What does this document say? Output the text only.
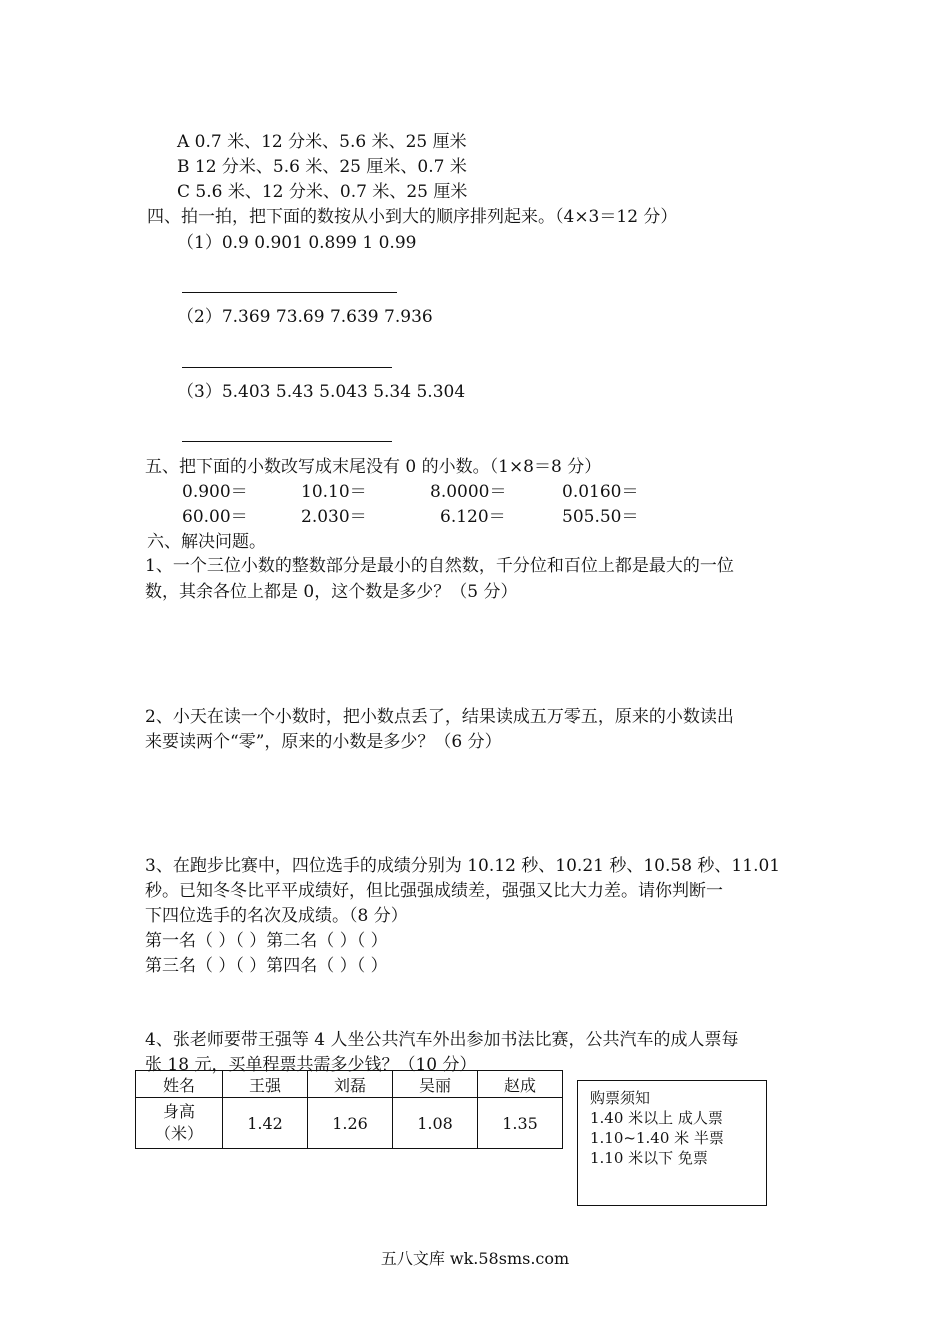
A 0.7 米、12 分米、5.6 米、25 厘米
B 12 分米、5.6 米、25 厘米、0.7 米
C 5.6 米、12 分米、0.7 米、25 厘米
四、拍一拍，把下面的数按从小到大的顺序排列起来。（4×3＝12 分）
（1）0.9 0.901 0.899 1 0.99
（2）7.369 73.69 7.639 7.936
（3）5.403 5.43 5.043 5.34 5.304
五、把下面的小数改写成末尾没有 0 的小数。（1×8＝8 分）
0.900＝	10.10＝	8.0000＝	0.0160＝
60.00＝	2.030＝	6.120＝	505.50＝
六、解决问题。
1、一个三位小数的整数部分是最小的自然数，千分位和百位上都是最大的一位
数，其余各位上都是 0，这个数是多少？（5 分）
2、小天在读一个小数时，把小数点丢了，结果读成五万零五，原来的小数读出
来要读两个“零”，原来的小数是多少？（6 分）
3、在跑步比赛中，四位选手的成绩分别为 10.12 秒、10.21 秒、10.58 秒、11.01
秒。已知冬冬比平平成绩好，但比强强成绩差，强强又比大力差。请你判断一
下四位选手的名次及成绩。（8 分）
第一名（ ）（ ）第二名（ ）（ ）
第三名（ ）（ ）第四名（ ）（ ）
4、张老师要带王强等 4 人坐公共汽车外出参加书法比赛，公共汽车的成人票每
张 18 元，买单程票共需多少钱？（10 分）
姓名	王强	刘磊	吴丽	赵成

身高
（米）	1.42	1.26	1.08	1.35
购票须知
1.40 米以上 成人票
1.10~1.40 米 半票
1.10 米以下 免票
五八文库 wk.58sms.com
